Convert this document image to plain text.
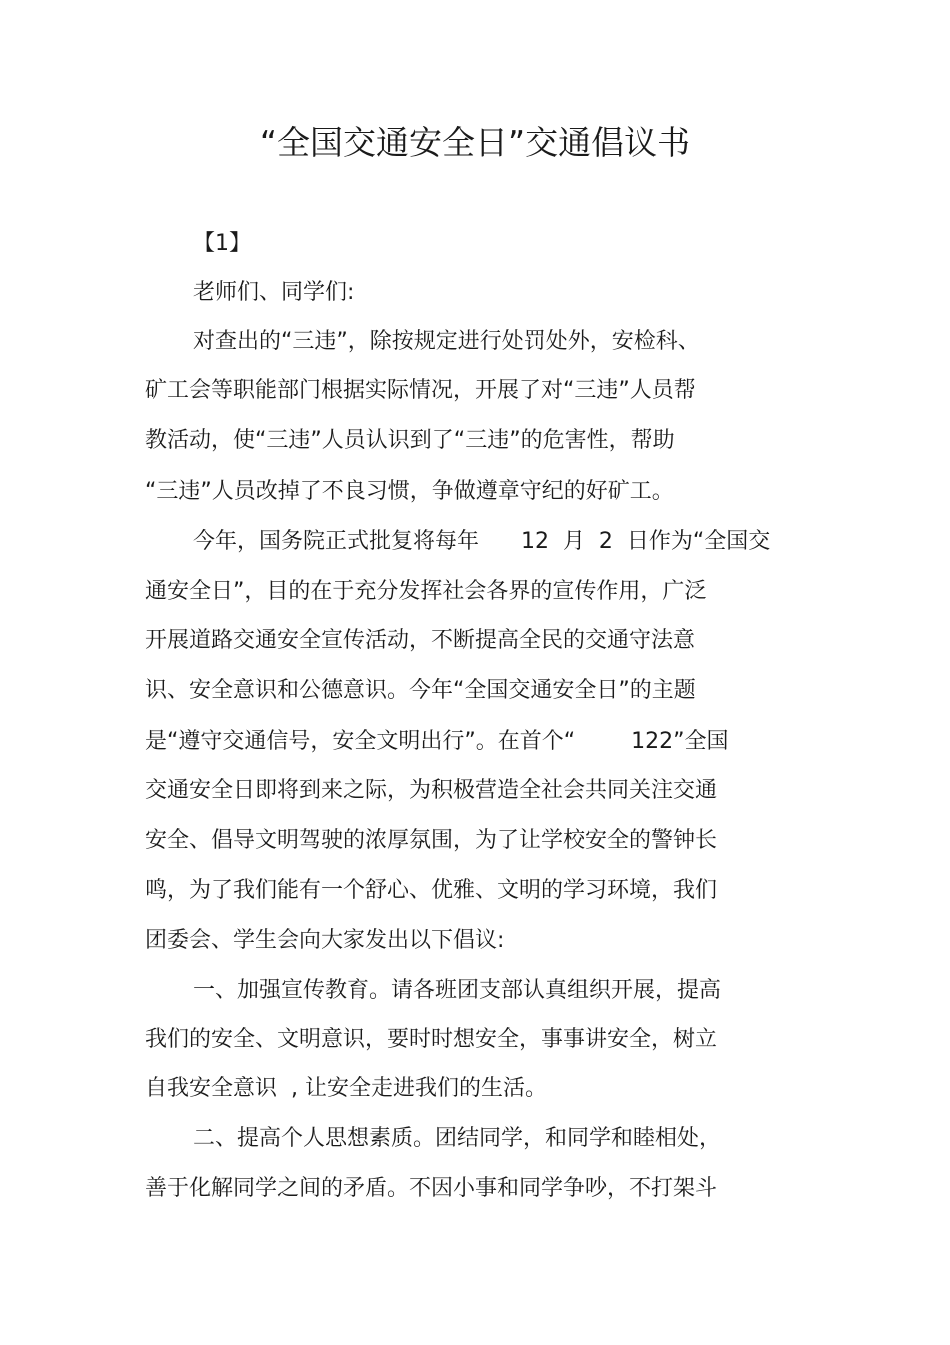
“全国交通安全日”交通倡议书
【1】
老师们、同学们:
对查出的“三违”，除按规定进行处罚处外，安检科、
矿工会等职能部门根据实际情况，开展了对“三违”人员帮
教活动，使“三违”人员认识到了“三违”的危害性，帮助
“三违”人员改掉了不良习惯，争做遵章守纪的好矿工。
今年，国务院正式批复将每年      12  月  2  日作为“全国交
通安全日”，目的在于充分发挥社会各界的宣传作用，广泛
开展道路交通安全宣传活动，不断提高全民的交通守法意
识、安全意识和公德意识。今年“全国交通安全日”的主题
是“遵守交通信号，安全文明出行”。在首个“        122”全国
交通安全日即将到来之际，为积极营造全社会共同关注交通
安全、倡导文明驾驶的浓厚氛围，为了让学校安全的警钟长
鸣，为了我们能有一个舒心、优雅、文明的学习环境，我们
团委会、学生会向大家发出以下倡议:
一、加强宣传教育。请各班团支部认真组织开展，提高
我们的安全、文明意识，要时时想安全，事事讲安全，树立
自我安全意识  , 让安全走进我们的生活。
二、提高个人思想素质。团结同学，和同学和睦相处，
善于化解同学之间的矛盾。不因小事和同学争吵，不打架斗
